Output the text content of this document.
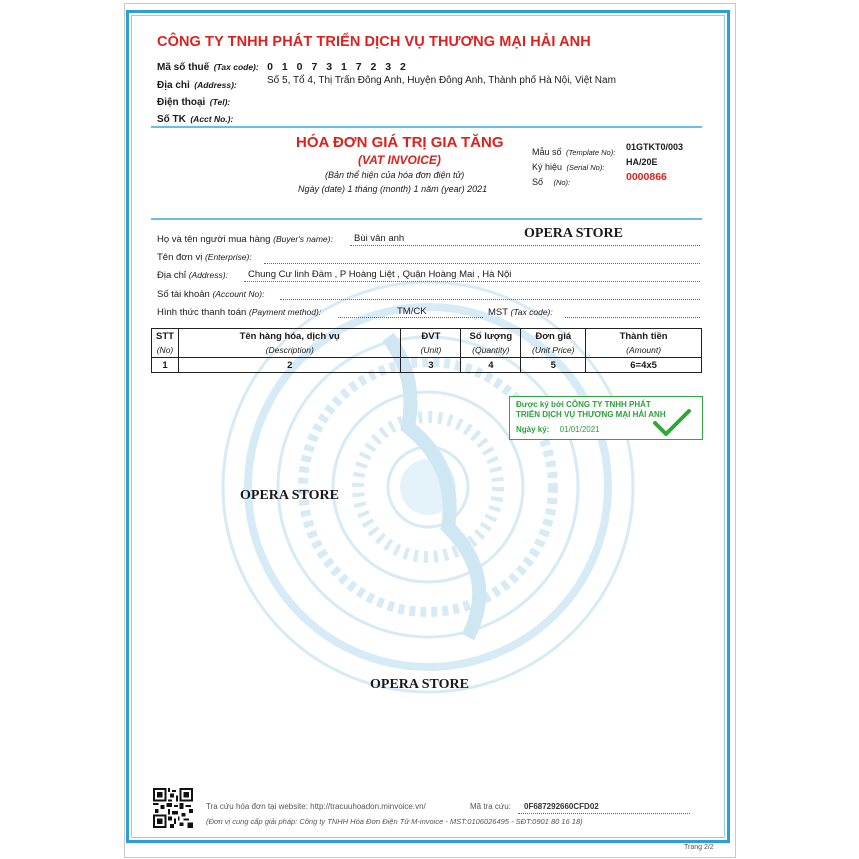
CÔNG TY TNHH PHÁT TRIỂN DỊCH VỤ THƯƠNG MẠI HẢI ANH
Mã số thuế (Tax code): 0 1 0 7 3 1 7 2 3 2
Địa chỉ (Address):	Số 5, Tổ 4, Thị Trấn Đông Anh, Huyện Đông Anh, Thành phố Hà Nội, Việt Nam
Điện thoại (Tel):
Số TK (Acct No.):
HÓA ĐƠN GIÁ TRỊ GIA TĂNG
(VAT INVOICE)
(Bản thể hiện của hóa đơn điện tử)
Ngày (date) 1 tháng (month) 1 năm (year) 2021
Mẫu số (Template No):
01GTKT0/003
Ký hiệu (Serial No):
HA/20E
Số (No):	0000866
Họ và tên người mua hàng (Buyer's name): Bùi vân anh	OPERA STORE
Tên đơn vị (Enterprise):
Địa chỉ (Address): Chung Cư linh Đàm , P Hoàng Liệt , Quận Hoàng Mai , Hà Nội
Số tài khoản (Account No):
Hình thức thanh toán (Payment method):	TM/CK	MST (Tax code):
STT	Tên hàng hóa, dịch vụ	ĐVT	Số lượng	Đơn giá	Thành tiền
(No)	(Description)	(Unit)	(Quantity)	(Unit Price)	(Amount)
1	2	3	4	5	6=4x5
Được ký bởi CÔNG TY TNHH PHÁT
TRIỂN DỊCH VỤ THƯƠNG MẠI HẢI ANH
Ngày ký: 01/01/2021
OPERA STORE
OPERA STORE
Tra cứu hóa đơn tại website: http://tracuuhoadon.minvoice.vn/	Mã tra cứu: 0F687292660CFD02
(Đơn vị cung cấp giải pháp: Công ty TNHH Hóa Đơn Điện Tử M-invoice - MST:0106026495 - SĐT:0901 80 16 18)
Trang 2/2
